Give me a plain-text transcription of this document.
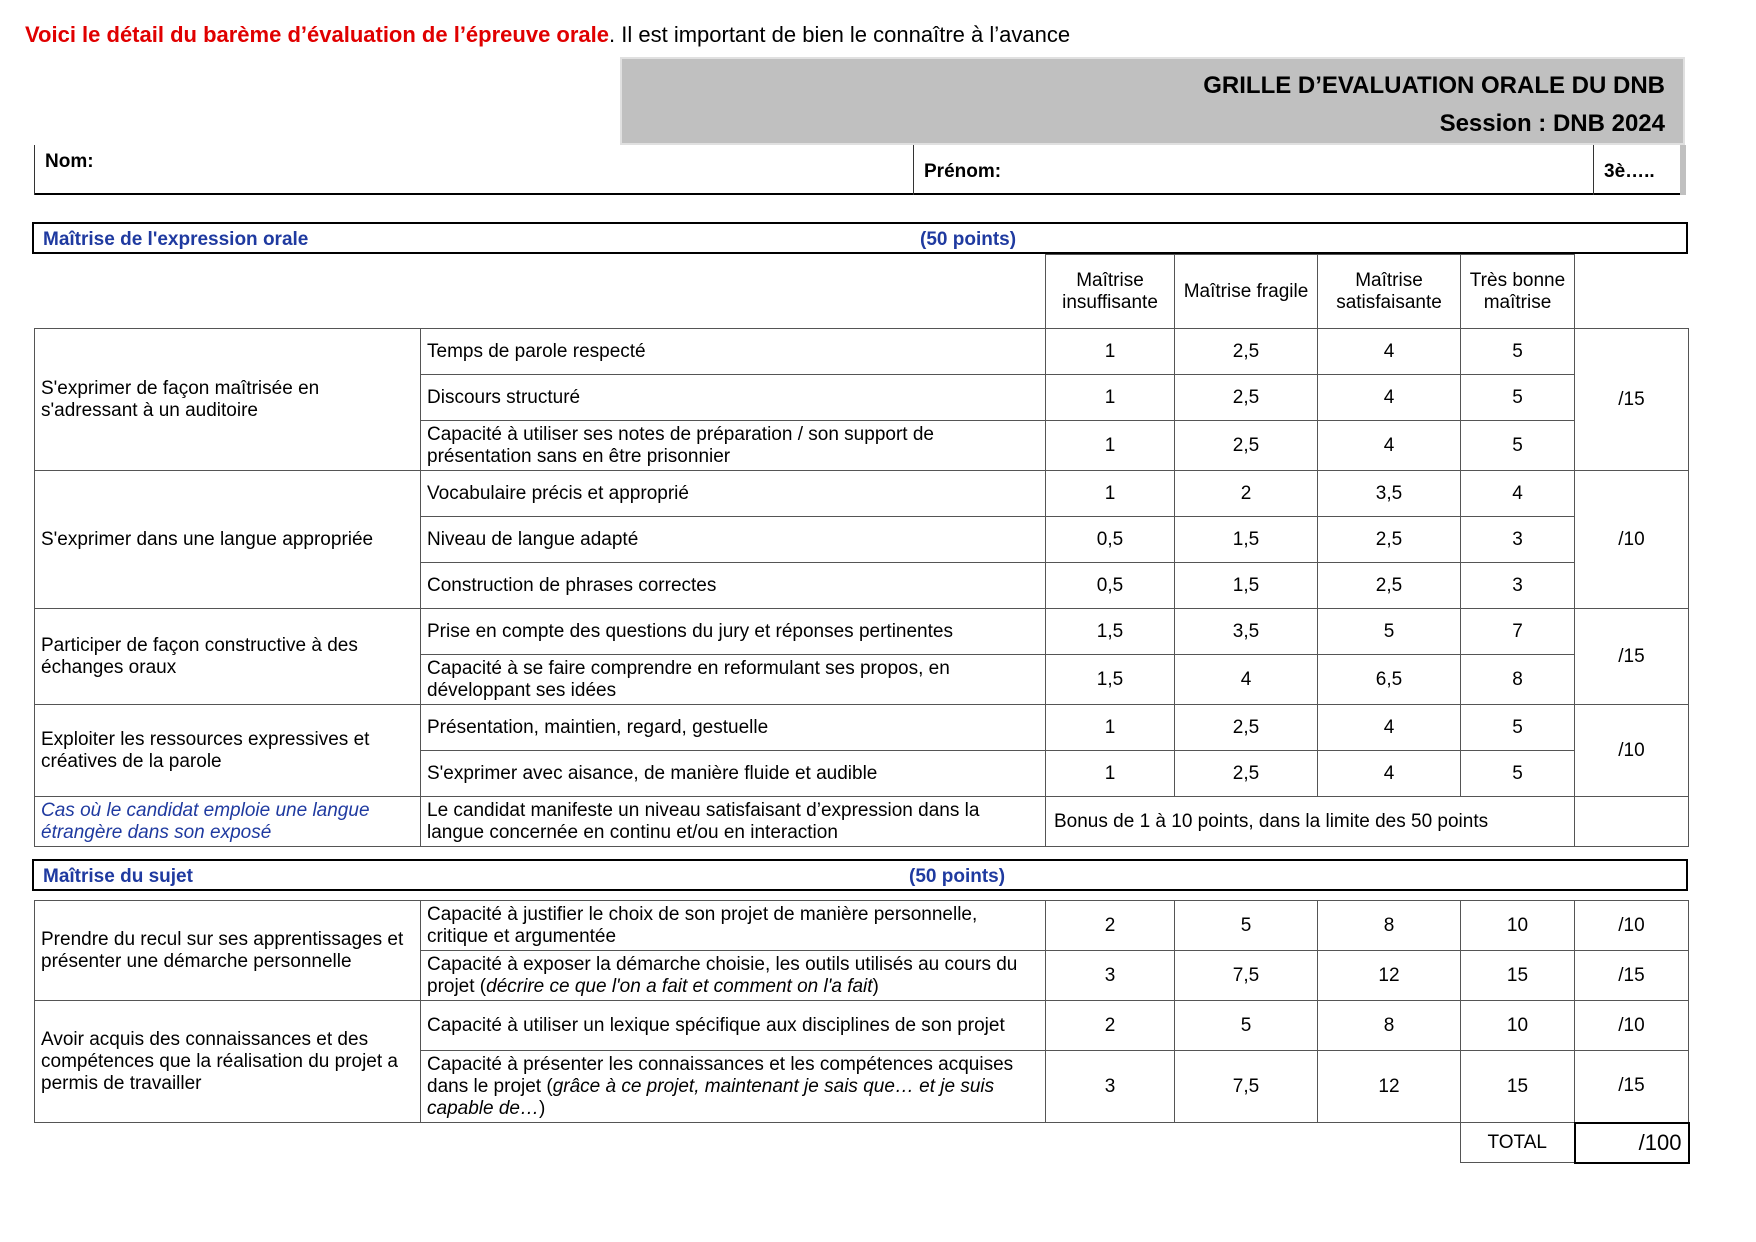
Voici le détail du barème d’évaluation de l’épreuve orale. Il est important de bien le connaître à l’avance
GRILLE D’EVALUATION ORALE DU DNB
Session : DNB 2024
Nom:	Prénom:	3è…..
Maîtrise de l'expression orale	(50 points)
		Maîtrise insuffisante	Maîtrise fragile	Maîtrise satisfaisante	Très bonne maîtrise	
S'exprimer de façon maîtrisée en s'adressant à un auditoire	Temps de parole respecté	1	2,5	4	5	/15
	Discours structuré	1	2,5	4	5	
	Capacité à utiliser ses notes de préparation / son support de présentation sans en être prisonnier	1	2,5	4	5	
S'exprimer dans une langue appropriée	Vocabulaire précis et approprié	1	2	3,5	4	/10
	Niveau de langue adapté	0,5	1,5	2,5	3	
	Construction de phrases correctes	0,5	1,5	2,5	3	
Participer de façon constructive à des échanges oraux	Prise en compte des questions du jury et réponses pertinentes	1,5	3,5	5	7	/15
	Capacité à se faire comprendre en reformulant ses propos, en développant ses idées	1,5	4	6,5	8	
Exploiter les ressources expressives et créatives de la parole	Présentation, maintien, regard, gestuelle	1	2,5	4	5	/10
	S'exprimer avec aisance, de manière fluide et audible	1	2,5	4	5	
Cas où le candidat emploie une langue étrangère dans son exposé	Le candidat manifeste un niveau satisfaisant d’expression dans la langue concernée en continu et/ou en interaction	Bonus de 1 à 10 points, dans la limite des 50 points				
Maîtrise du sujet	(50 points)
Prendre du recul sur ses apprentissages et présenter une démarche personnelle	Capacité à justifier le choix de son projet de manière personnelle, critique et argumentée	2	5	8	10	/10
	Capacité à exposer la démarche choisie, les outils utilisés au cours du projet (décrire ce que l'on a fait et comment on l'a fait)	3	7,5	12	15	/15
Avoir acquis des connaissances et des compétences que la réalisation du projet a permis de travailler	Capacité à utiliser un lexique spécifique aux disciplines de son projet	2	5	8	10	/10
	Capacité à présenter les connaissances et les compétences acquises dans le projet (grâce à ce projet, maintenant je sais que… et je suis capable de…)	3	7,5	12	15	/15
					TOTAL	/100
